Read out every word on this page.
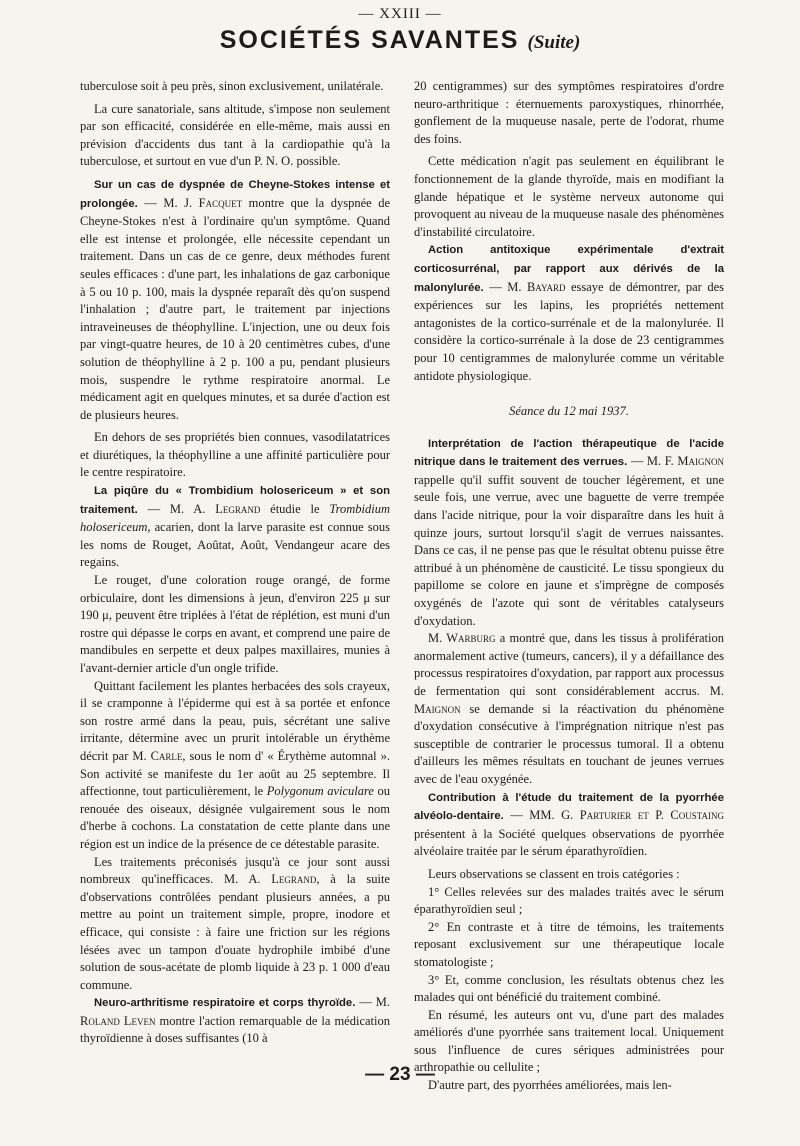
— XXIII —
SOCIÉTÉS SAVANTES (Suite)

tuberculose soit à peu près, sinon exclusivement, unilatérale.

La cure sanatoriale, sans altitude, s'impose non seulement par son efficacité, considérée en elle-même, mais aussi en prévision d'accidents dus tant à la cardiopathie qu'à la tuberculose, et surtout en vue d'un P. N. O. possible.

Sur un cas de dyspnée de Cheyne-Stokes intense et prolongée. — M. J. Facquet montre que la dyspnée de Cheyne-Stokes n'est à l'ordinaire qu'un symptôme. Quand elle est intense et prolongée, elle nécessite cependant un traitement. Dans un cas de ce genre, deux méthodes furent seules efficaces : d'une part, les inhalations de gaz carbonique à 5 ou 10 p. 100, mais la dyspnée reparaît dès qu'on suspend l'inhalation ; d'autre part, le traitement par injections intraveineuses de théophylline. L'injection, une ou deux fois par vingt-quatre heures, de 10 à 20 centimètres cubes, d'une solution de théophylline à 2 p. 100 a pu, pendant plusieurs mois, suspendre le rythme respiratoire anormal. Le médicament agit en quelques minutes, et sa durée d'action est de plusieurs heures.

En dehors de ses propriétés bien connues, vasodilatatrices et diurétiques, la théophylline a une affinité particulière pour le centre respiratoire.

La piqûre du « Trombidium holosericeum » et son traitement. — M. A. Legrand étudie le Trombidium holosericeum, acarien, dont la larve parasite est connue sous les noms de Rouget, Aoûtat, Août, Vendangeur acare des regains.

Le rouget, d'une coloration rouge orangé, de forme orbiculaire, dont les dimensions à jeun, d'environ 225 μ sur 190 μ, peuvent être triplées à l'état de réplétion, est muni d'un rostre qui dépasse le corps en avant, et comprend une paire de mandibules en serpette et deux palpes maxillaires, munies à l'avant-dernier article d'un ongle trifide.

Quittant facilement les plantes herbacées des sols crayeux, il se cramponne à l'épiderme qui est à sa portée et enfonce son rostre armé dans la peau, puis, sécrétant une salive irritante, détermine avec un prurit intolérable un érythème décrit par M. Carle, sous le nom d' « Érythème automnal ». Son activité se manifeste du 1er août au 25 septembre. Il affectionne, tout particulièrement, le Polygonum aviculare ou renouée des oiseaux, désignée vulgairement sous le nom d'herbe à cochons. La constatation de cette plante dans une région est un indice de la présence de ce détestable parasite.

Les traitements préconisés jusqu'à ce jour sont aussi nombreux qu'inefficaces. M. A. Legrand, à la suite d'observations contrôlées pendant plusieurs années, a pu mettre au point un traitement simple, propre, inodore et efficace, qui consiste : à faire une friction sur les régions lésées avec un tampon d'ouate hydrophile imbibé d'une solution de sous-acétate de plomb liquide à 23 p. 1 000 d'eau commune.

Neuro-arthritisme respiratoire et corps thyroïde. — M. Roland Leven montre l'action remarquable de la médication thyroïdienne à doses suffisantes (10 à

20 centigrammes) sur des symptômes respiratoires d'ordre neuro-arthritique : éternuements paroxystiques, rhinorrhée, gonflement de la muqueuse nasale, perte de l'odorat, rhume des foins.

Cette médication n'agit pas seulement en équilibrant le fonctionnement de la glande thyroïde, mais en modifiant la glande hépatique et le système nerveux autonome qui provoquent au niveau de la muqueuse nasale des phénomènes d'instabilité circulatoire.

Action antitoxique expérimentale d'extrait corticosurrénal, par rapport aux dérivés de la malonylurée. — M. Bayard essaye de démontrer, par des expériences sur les lapins, les propriétés nettement antagonistes de la cortico-surrénale et de la malonylurée. Il considère la cortico-surrénale à la dose de 23 centigrammes pour 10 centigrammes de malonylurée comme un véritable antidote physiologique.

Séance du 12 mai 1937.

Interprétation de l'action thérapeutique de l'acide nitrique dans le traitement des verrues. — M. F. Maignon rappelle qu'il suffit souvent de toucher légèrement, et une seule fois, une verrue, avec une baguette de verre trempée dans l'acide nitrique, pour la voir disparaître dans les huit à quinze jours, surtout lorsqu'il s'agit de verrues naissantes. Dans ce cas, il ne pense pas que le résultat obtenu puisse être attribué à un phénomène de causticité. Le tissu spongieux du papillome se colore en jaune et s'imprègne de composés oxygénés de l'azote qui sont de véritables catalyseurs d'oxydation.

M. Warburg a montré que, dans les tissus à prolifération anormalement active (tumeurs, cancers), il y a défaillance des processus respiratoires d'oxydation, par rapport aux processus de fermentation qui sont considérablement accrus. M. Maignon se demande si la réactivation du phénomène d'oxydation consécutive à l'imprégnation nitrique n'est pas susceptible de contrarier le processus tumoral. Il a obtenu d'ailleurs les mêmes résultats en touchant de jeunes verrues avec de l'eau oxygénée.

Contribution à l'étude du traitement de la pyorrhée alvéolo-dentaire. — MM. G. Parturier et P. Coustaing présentent à la Société quelques observations de pyorrhée alvéolaire traitée par le sérum éparathyroïdien.

Leurs observations se classent en trois catégories :

1° Celles relevées sur des malades traités avec le sérum éparathyroïdien seul ;

2° En contraste et à titre de témoins, les traitements reposant exclusivement sur une thérapeutique locale stomatologiste ;

3° Et, comme conclusion, les résultats obtenus chez les malades qui ont bénéficié du traitement combiné.

En résumé, les auteurs ont vu, d'une part des malades améliorés d'une pyorrhée sans traitement local. Uniquement sous l'influence de cures sériques administrées pour arthropathie ou cellulite ;

D'autre part, des pyorrhées améliorées, mais len-

— 23 —
